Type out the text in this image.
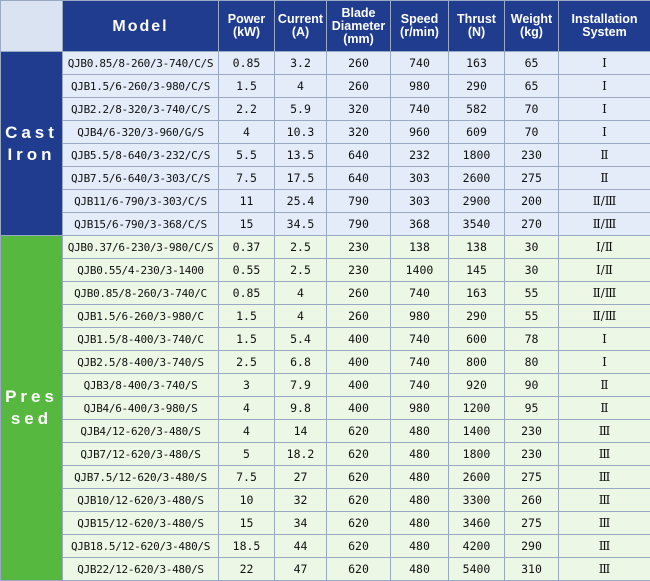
	Model	Power (kW)	Current (A)	Blade Diameter (mm)	Speed (r/min)	Thrust (N)	Weight (kg)	Installation System
Cast Iron	QJB0.85/8-260/3-740/C/S	0.85	3.2	260	740	163	65	Ⅰ
	QJB1.5/6-260/3-980/C/S	1.5	4	260	980	290	65	Ⅰ
	QJB2.2/8-320/3-740/C/S	2.2	5.9	320	740	582	70	Ⅰ
	QJB4/6-320/3-960/G/S	4	10.3	320	960	609	70	Ⅰ
	QJB5.5/8-640/3-232/C/S	5.5	13.5	640	232	1800	230	Ⅱ
	QJB7.5/6-640/3-303/C/S	7.5	17.5	640	303	2600	275	Ⅱ
	QJB11/6-790/3-303/C/S	11	25.4	790	303	2900	200	Ⅱ/Ⅲ
	QJB15/6-790/3-368/C/S	15	34.5	790	368	3540	270	Ⅱ/Ⅲ
Pressed	QJB0.37/6-230/3-980/C/S	0.37	2.5	230	138	138	30	Ⅰ/Ⅱ
	QJB0.55/4-230/3-1400	0.55	2.5	230	1400	145	30	Ⅰ/Ⅱ
	QJB0.85/8-260/3-740/C	0.85	4	260	740	163	55	Ⅱ/Ⅲ
	QJB1.5/6-260/3-980/C	1.5	4	260	980	290	55	Ⅱ/Ⅲ
	QJB1.5/8-400/3-740/C	1.5	5.4	400	740	600	78	Ⅰ
	QJB2.5/8-400/3-740/S	2.5	6.8	400	740	800	80	Ⅰ
	QJB3/8-400/3-740/S	3	7.9	400	740	920	90	Ⅱ
	QJB4/6-400/3-980/S	4	9.8	400	980	1200	95	Ⅱ
	QJB4/12-620/3-480/S	4	14	620	480	1400	230	Ⅲ
	QJB7/12-620/3-480/S	5	18.2	620	480	1800	230	Ⅲ
	QJB7.5/12-620/3-480/S	7.5	27	620	480	2600	275	Ⅲ
	QJB10/12-620/3-480/S	10	32	620	480	3300	260	Ⅲ
	QJB15/12-620/3-480/S	15	34	620	480	3460	275	Ⅲ
	QJB18.5/12-620/3-480/S	18.5	44	620	480	4200	290	Ⅲ
	QJB22/12-620/3-480/S	22	47	620	480	5400	310	Ⅲ
